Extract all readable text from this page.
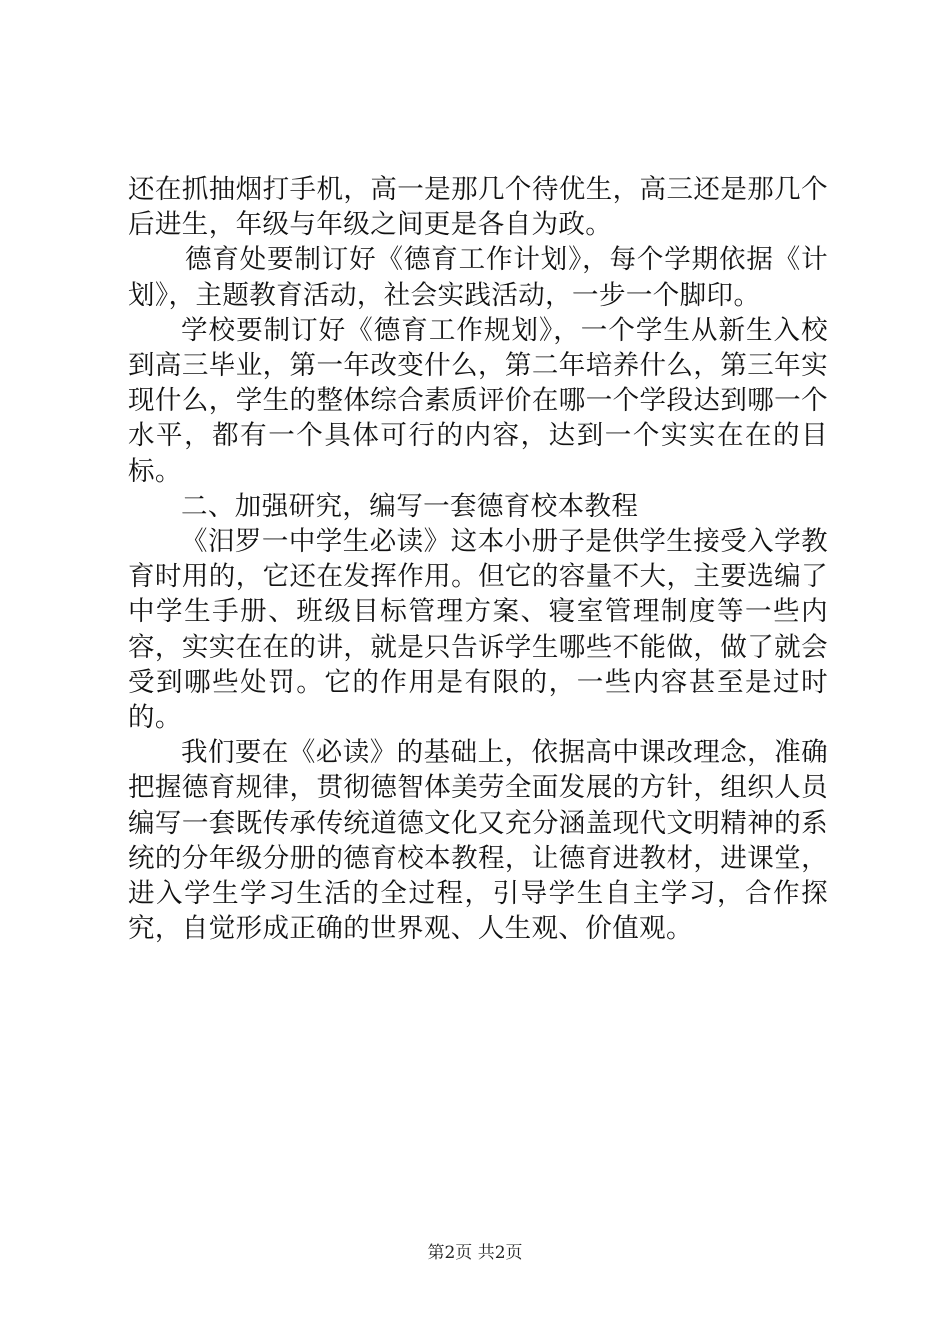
还在抓抽烟打手机，高一是那几个待优生，高三还是那几个后进生，年级与年级之间更是各自为政。

德育处要制订好《德育工作计划》，每个学期依据《计划》，主题教育活动，社会实践活动，一步一个脚印。

学校要制订好《德育工作规划》，一个学生从新生入校到高三毕业，第一年改变什么，第二年培养什么，第三年实现什么，学生的整体综合素质评价在哪一个学段达到哪一个水平，都有一个具体可行的内容，达到一个实实在在的目标。

二、加强研究，编写一套德育校本教程

《汨罗一中学生必读》这本小册子是供学生接受入学教育时用的，它还在发挥作用。但它的容量不大，主要选编了中学生手册、班级目标管理方案、寝室管理制度等一些内容，实实在在的讲，就是只告诉学生哪些不能做，做了就会受到哪些处罚。它的作用是有限的，一些内容甚至是过时的。

我们要在《必读》的基础上，依据高中课改理念，准确把握德育规律，贯彻德智体美劳全面发展的方针，组织人员编写一套既传承传统道德文化又充分涵盖现代文明精神的系统的分年级分册的德育校本教程，让德育进教材，进课堂，进入学生学习生活的全过程，引导学生自主学习，合作探究，自觉形成正确的世界观、人生观、价值观。

第2页 共2页
